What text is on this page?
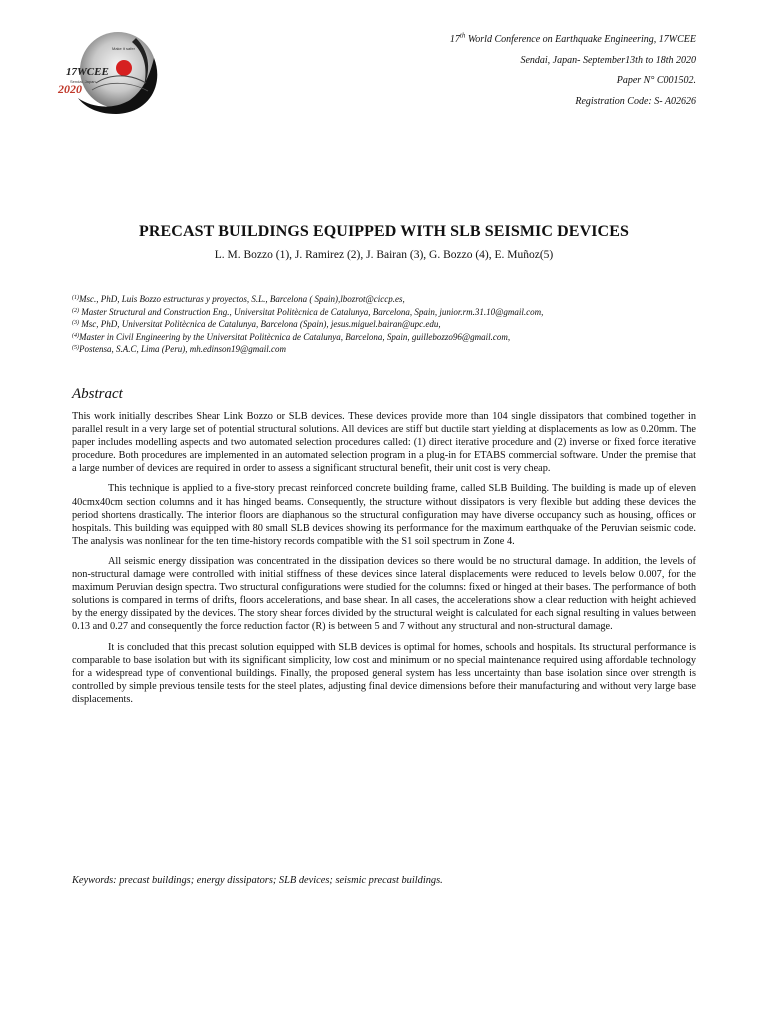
Make it safer
17WCEE
Sendai, Japan
2020
17th World Conference on Earthquake Engineering, 17WCEE
Sendai, Japan- September13th to 18th 2020
Paper N° C001502.
Registration Code: S- A02626
PRECAST BUILDINGS EQUIPPED WITH SLB SEISMIC DEVICES
L. M. Bozzo (1), J. Ramirez (2), J. Bairan (3), G. Bozzo (4), E. Muñoz(5)
$^{(1)}$Msc., PhD, Luis Bozzo estructuras y proyectos, S.L., Barcelona ( Spain),lbozrot@ciccp.es,
$^{(2)}$ Master Structural and Construction Eng., Universitat Politècnica de Catalunya, Barcelona, Spain, junior.rm.31.10@gmail.com,
$^{(3)}$ Msc, PhD, Universitat Politècnica de Catalunya, Barcelona (Spain), jesus.miguel.bairan@upc.edu,
$^{(4)}$Master in Civil Engineering by the Universitat Politècnica de Catalunya, Barcelona, Spain, guillebozzo96@gmail.com,
$^{(5)}$Postensa, S.A.C, Lima (Peru), mh.edinson19@gmail.com
Abstract

This work initially describes Shear Link Bozzo or SLB devices. These devices provide more than 104 single dissipators that combined together in parallel result in a very large set of potential structural solutions. All devices are stiff but ductile start yielding at displacements as low as 0.20mm. The paper includes modelling aspects and two automated selection procedures called: (1) direct iterative procedure and (2) inverse or fixed force iterative procedure. Both procedures are implemented in an automated selection program in a plug-in for ETABS commercial software. Under the premise that a large number of devices are required in order to assess a significant structural benefit, their unit cost is very cheap.

This technique is applied to a five-story precast reinforced concrete building frame, called SLB Building. The building is made up of eleven 40cmx40cm section columns and it has hinged beams. Consequently, the structure without dissipators is very flexible but adding these devices the period shortens drastically. The interior floors are diaphanous so the structural configuration may have diverse occupancy such as housing, offices or hospitals. This building was equipped with 80 small SLB devices showing its performance for the maximum earthquake of the Peruvian seismic code. The analysis was nonlinear for the ten time-history records compatible with the S1 soil spectrum in Zone 4.

All seismic energy dissipation was concentrated in the dissipation devices so there would be no structural damage. In addition, the levels of non-structural damage were controlled with initial stiffness of these devices since lateral displacements were reduced to levels below 0.007, for the maximum Peruvian design spectra. Two structural configurations were studied for the columns: fixed or hinged at their bases. The performance of both solutions is compared in terms of drifts, floors accelerations, and base shear. In all cases, the accelerations show a clear reduction with height achieved by the energy dissipated by the devices. The story shear forces divided by the structural weight is calculated for each signal resulting in values between 0.13 and 0.27 and consequently the force reduction factor (R) is between 5 and 7 without any structural and non-structural damage.

It is concluded that this precast solution equipped with SLB devices is optimal for homes, schools and hospitals. Its structural performance is comparable to base isolation but with its significant simplicity, low cost and minimum or no special maintenance required using affordable technology for a widespread type of conventional buildings. Finally, the proposed general system has less uncertainty than base isolation since over strength is controlled by simple previous tensile tests for the steel plates, adjusting final device dimensions before their manufacturing and without very large base displacements.

Keywords: precast buildings; energy dissipators; SLB devices; seismic precast buildings.
